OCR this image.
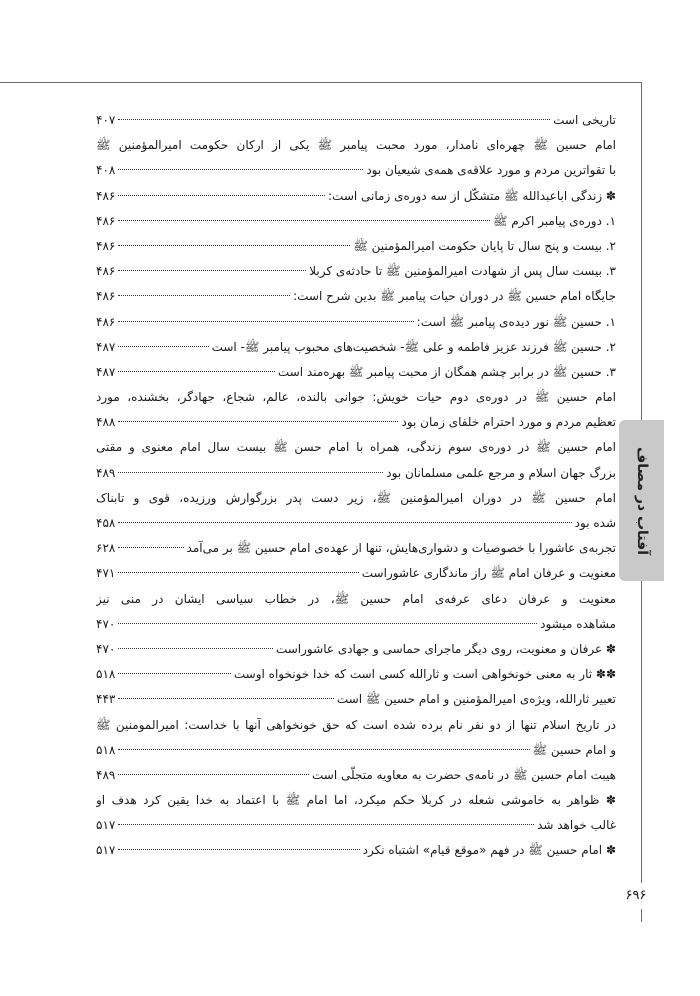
آفتاب در مصاف
۶۹۶
تاریخی است
۴۰۷
امام حسین ﷺ چهره‌ای نامدار، مورد محبت پیامبر ﷺ یکی از ارکان حکومت امیرالمؤمنین ﷺ
با تقواترین مردم و مورد علاقه‌ی همه‌ی شیعیان بود
۴۰۸
✽ زندگی اباعبدالله ﷺ متشکّل از سه دوره‌ی زمانی است:
۴۸۶
۱. دوره‌ی پیامبر اکرم ﷺ
۴۸۶
۲. بیست و پنج سال تا پایان حکومت امیرالمؤمنین ﷺ
۴۸۶
۳. بیست سال پس از شهادت امیرالمؤمنین ﷺ تا حادثه‌ی کربلا
۴۸۶
جایگاه امام حسین ﷺ در دوران حیات پیامبر ﷺ بدین شرح است:
۴۸۶
۱. حسین ﷺ نور دیده‌ی پیامبر ﷺ است:
۴۸۶
۲. حسین ﷺ فرزند عزیز فاطمه و علی ﷺ- شخصیت‌های محبوب پیامبر ﷺ- است
۴۸۷
۳. حسین ﷺ در برابر چشم همگان از محبت پیامبر ﷺ بهره‌مند است
۴۸۷
امام حسین ﷺ در دوره‌ی دوم حیات خویش: جوانی بالنده، عالم، شجاع، جهادگر، بخشنده، مورد
تعظیم مردم و مورد احترام خلفای زمان بود
۴۸۸
امام حسین ﷺ در دوره‌ی سوم زندگی، همراه با امام حسن ﷺ بیست سال امام معنوی و مقتی
بزرگ جهان اسلام و مرجع علمی مسلمانان بود
۴۸۹
امام حسین ﷺ در دوران امیرالمؤمنین ﷺ، زیر دست پدر بزرگوارش ورزیده، قوی و تابناک
شده بود
۴۵۸
تجربه‌ی عاشورا با خصوصیات و دشواری‌هایش، تنها از عهده‌ی امام حسین ﷺ بر می‌آمد
۶۲۸
معنویت و عرفان امام ﷺ راز ماندگاری عاشوراست
۴۷۱
معنویت و عرفان دعای عرفه‌ی امام حسین ﷺ، در خطاب سیاسی ایشان در منی نیز
مشاهده میشود
۴۷۰
✽ عرفان و معنویت، روی دیگر ماجرای حماسی و جهادی عاشوراست
۴۷۰
✽✽ ثار به معنی خونخواهی است و ثارالله کسی است که خدا خونخواه اوست
۵۱۸
تعبیر ثارالله، ویژه‌ی امیرالمؤمنین و امام حسین ﷺ است
۴۴۳
در تاریخ اسلام تنها از دو نفر نام برده شده است که حق خونخواهی آنها با خداست: امیرالمومنین ﷺ
و امام حسین ﷺ
۵۱۸
هیبت امام حسین ﷺ در نامه‌ی حضرت به معاویه متجلّی است
۴۸۹
✽ ظواهر به خاموشی شعله در کربلا حکم میکرد، اما امام ﷺ با اعتماد به خدا یقین کرد هدف او
غالب خواهد شد
۵۱۷
✽ امام حسین ﷺ در فهم «موقع قیام» اشتباه نکرد
۵۱۷
